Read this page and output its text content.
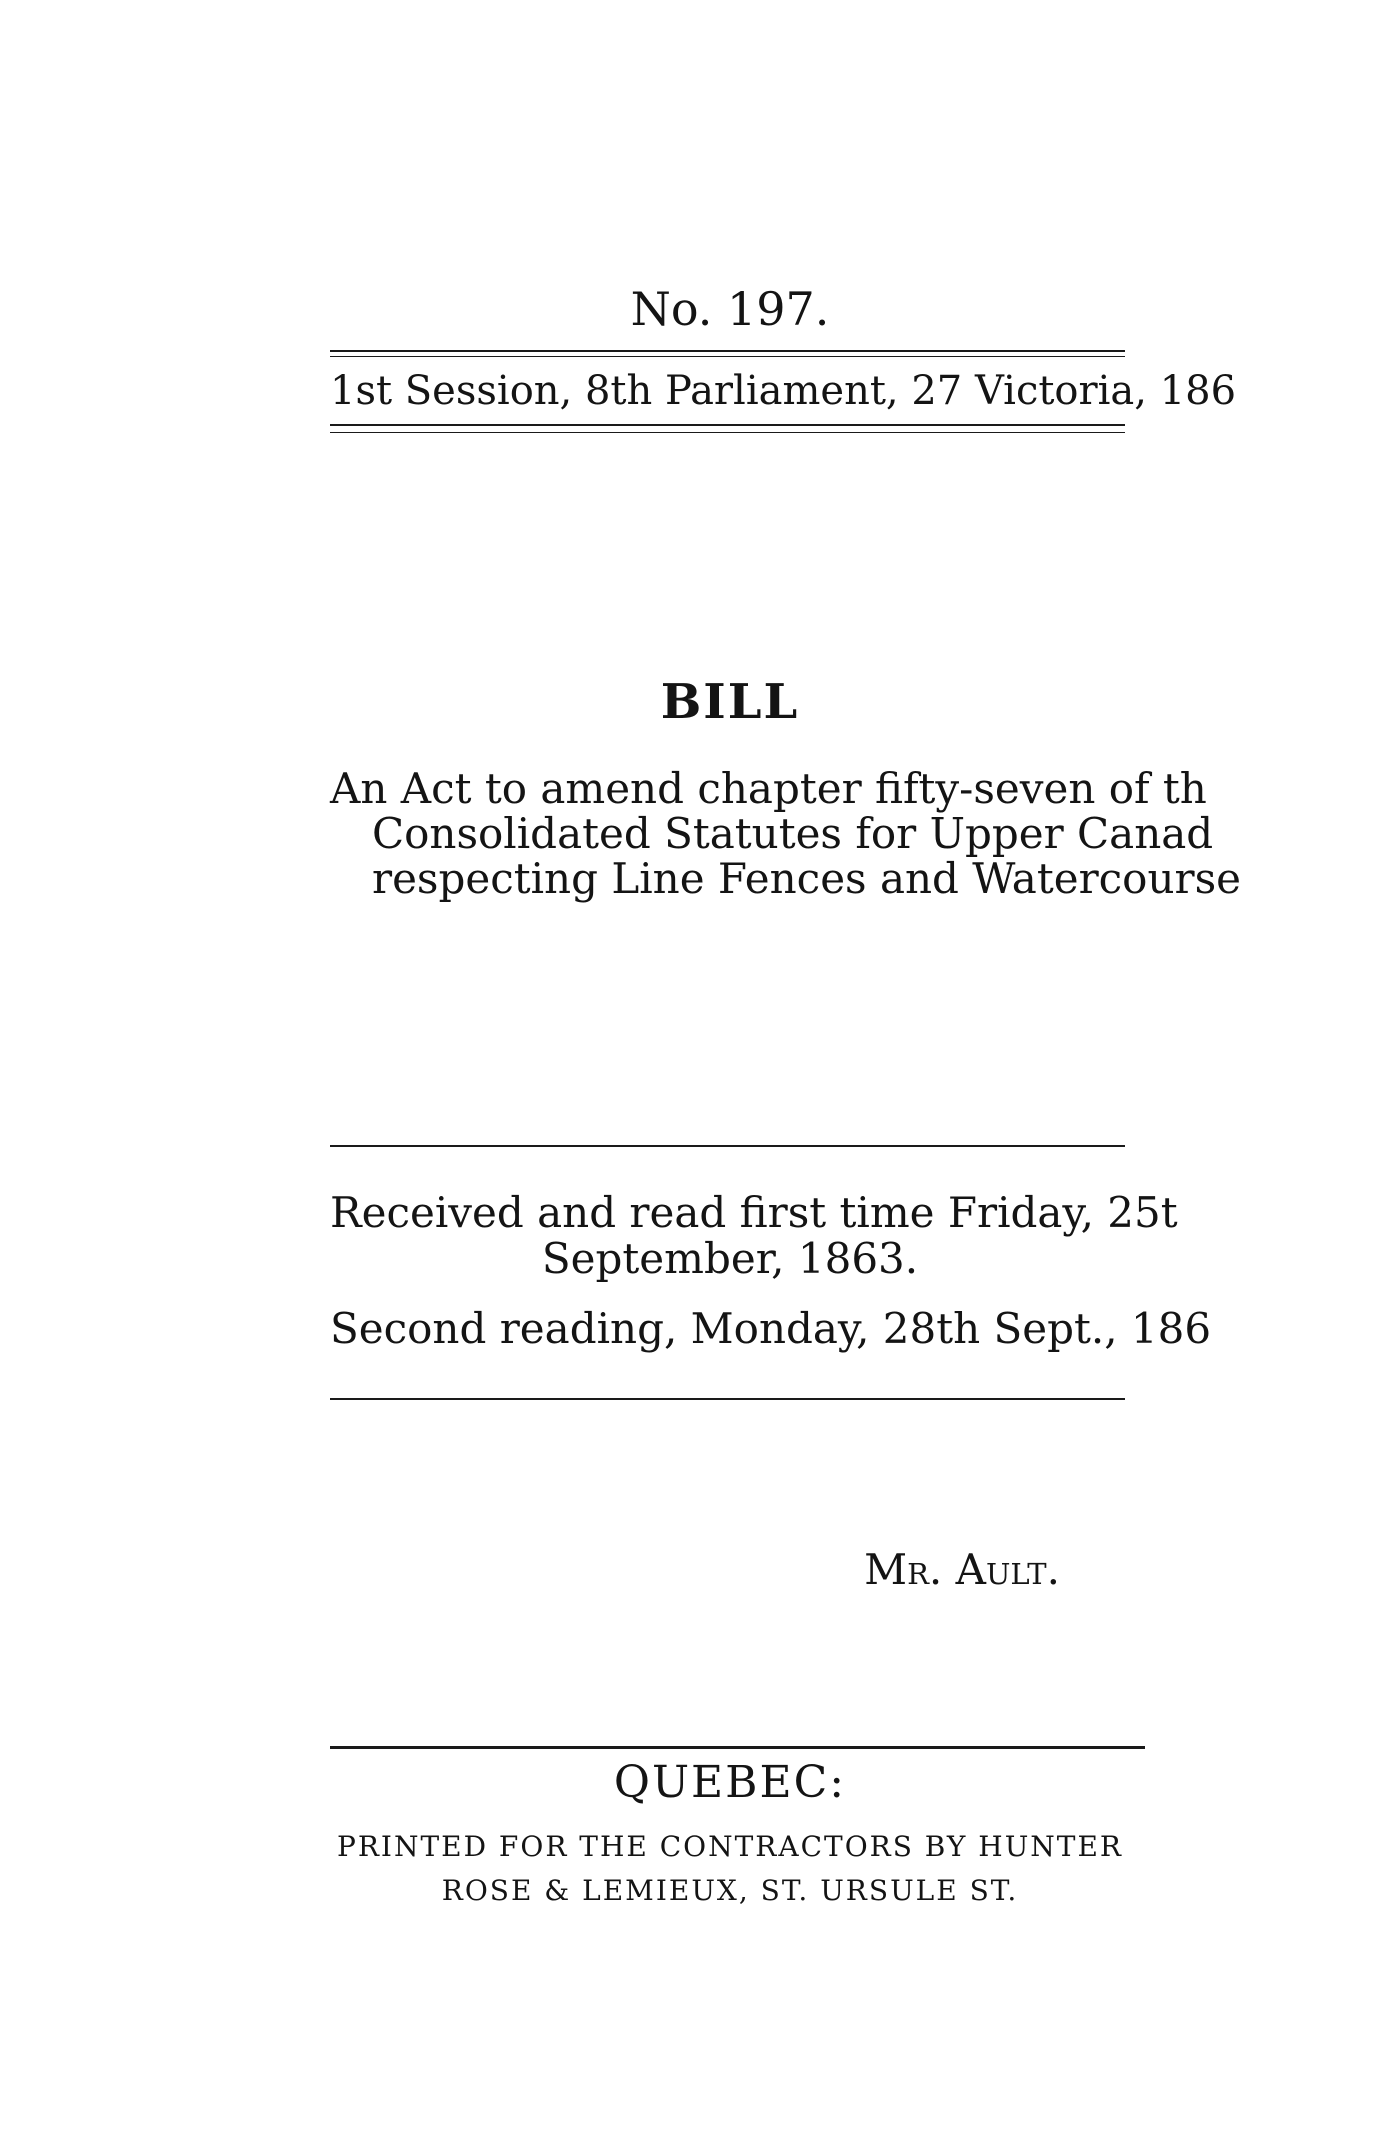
No. 197.
1st Session, 8th Parliament, 27 Victoria, 186
BILL
An Act to amend chapter fifty-seven of th
Consolidated Statutes for Upper Canad
respecting Line Fences and Watercourse
Received and read first time Friday, 25t
September, 1863.
Second reading, Monday, 28th Sept., 186
Mr. Ault.
QUEBEC:
PRINTED FOR THE CONTRACTORS BY HUNTER
ROSE & LEMIEUX, ST. URSULE ST.
